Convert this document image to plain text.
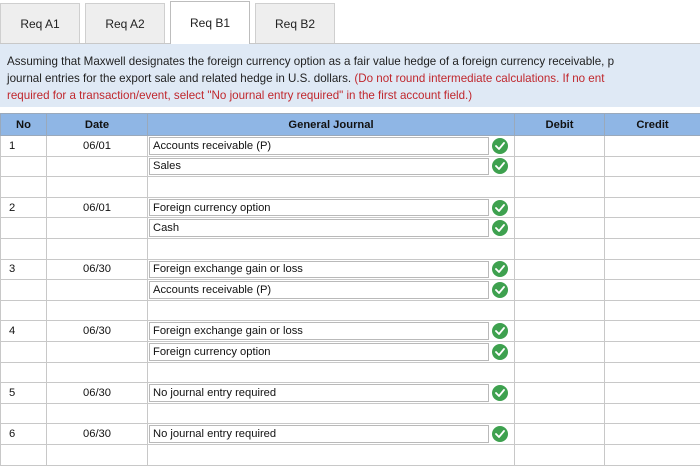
Req A1	Req A2	Req B1	Req B2
Assuming that Maxwell designates the foreign currency option as a fair value hedge of a foreign currency receivable, p
journal entries for the export sale and related hedge in U.S. dollars. (Do not round intermediate calculations. If no ent
required for a transaction/event, select "No journal entry required" in the first account field.)
No	Date	General Journal	Debit	Credit
1	06/01	Accounts receivable (P)		

Sales		

2	06/01	Foreign currency option		

Cash		

3	06/30	Foreign exchange gain or loss		

Accounts receivable (P)		

4	06/30	Foreign exchange gain or loss		

Foreign currency option		

5	06/30	No journal entry required		

6	06/30	No journal entry required		
